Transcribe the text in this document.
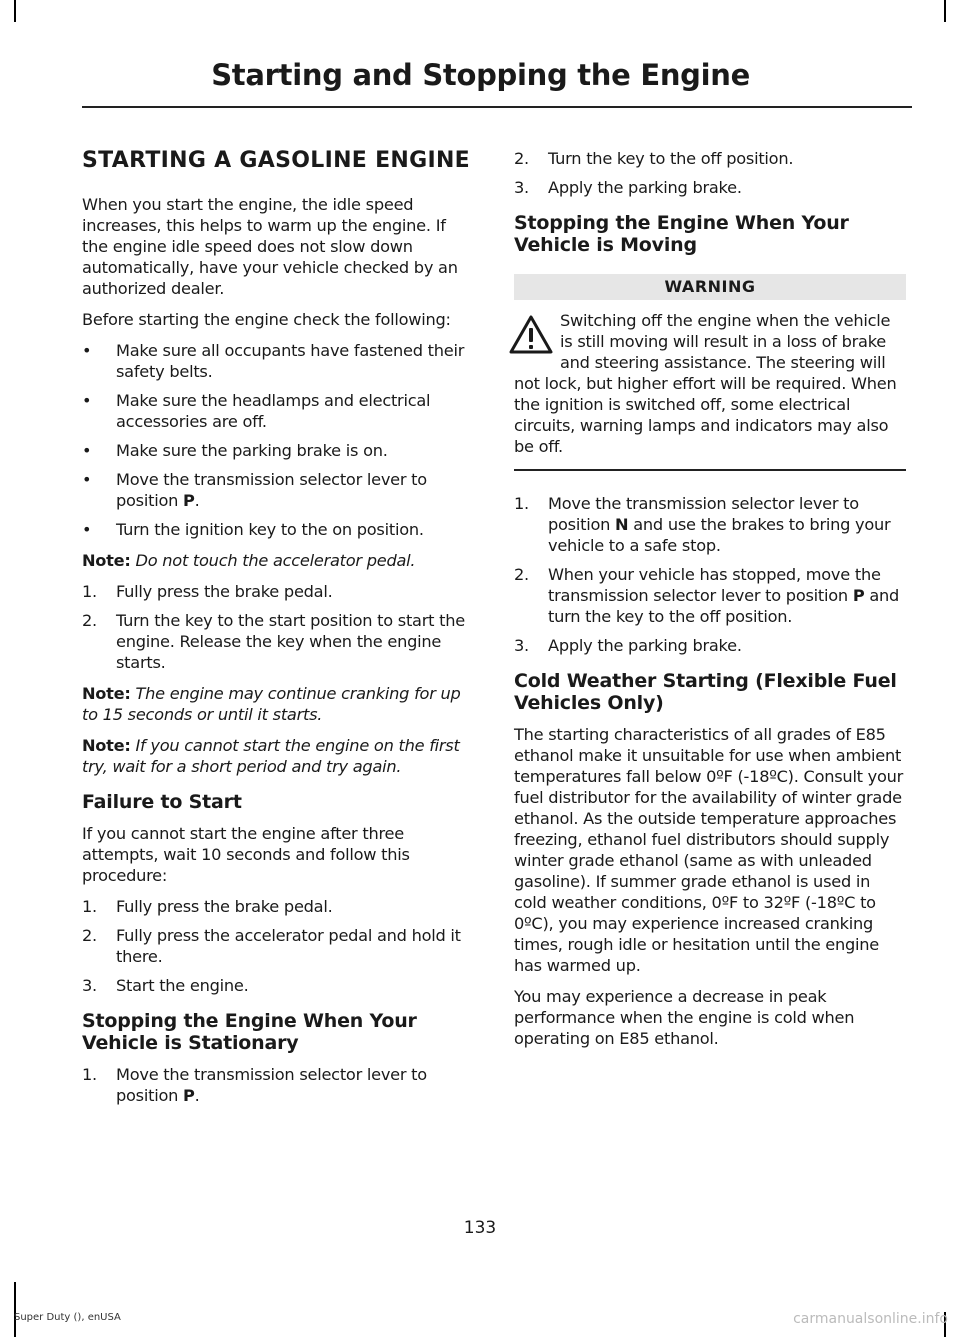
Starting and Stopping the Engine
STARTING A GASOLINE ENGINE

When you start the engine, the idle speed increases, this helps to warm up the engine. If the engine idle speed does not slow down automatically, have your vehicle checked by an authorized dealer.

Before starting the engine check the following:

• Make sure all occupants have fastened their safety belts.
• Make sure the headlamps and electrical accessories are off.
• Make sure the parking brake is on.
• Move the transmission selector lever to position P.
• Turn the ignition key to the on position.
Note: Do not touch the accelerator pedal.
1. Fully press the brake pedal.
2. Turn the key to the start position to start the engine. Release the key when the engine starts.
Note: The engine may continue cranking for up to 15 seconds or until it starts.
Note: If you cannot start the engine on the first try, wait for a short period and try again.
Failure to Start

If you cannot start the engine after three attempts, wait 10 seconds and follow this procedure:

1. Fully press the brake pedal.
2. Fully press the accelerator pedal and hold it there.
3. Start the engine.
Stopping the Engine When Your Vehicle is Stationary
1. Move the transmission selector lever to position P.
2. Turn the key to the off position.
3. Apply the parking brake.
Stopping the Engine When Your Vehicle is Moving
WARNING
Switching off the engine when the vehicle is still moving will result in a loss of brake and steering assistance. The steering will not lock, but higher effort will be required. When the ignition is switched off, some electrical circuits, warning lamps and indicators may also be off.
1. Move the transmission selector lever to position N and use the brakes to bring your vehicle to a safe stop.
2. When your vehicle has stopped, move the transmission selector lever to position P and turn the key to the off position.
3. Apply the parking brake.
Cold Weather Starting (Flexible Fuel Vehicles Only)

The starting characteristics of all grades of E85 ethanol make it unsuitable for use when ambient temperatures fall below 0ºF (-18ºC). Consult your fuel distributor for the availability of winter grade ethanol. As the outside temperature approaches freezing, ethanol fuel distributors should supply winter grade ethanol (same as with unleaded gasoline). If summer grade ethanol is used in cold weather conditions, 0ºF to 32ºF (-18ºC to 0ºC), you may experience increased cranking times, rough idle or hesitation until the engine has warmed up.

You may experience a decrease in peak performance when the engine is cold when operating on E85 ethanol.

133
Super Duty (), enUSA	carmanualsonline.info
